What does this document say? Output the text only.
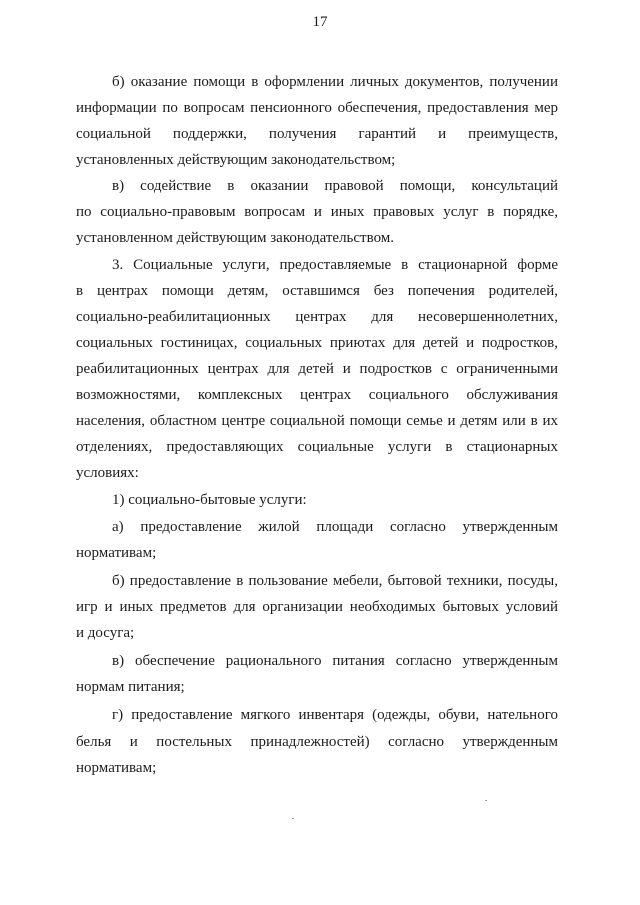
17
б) оказание помощи в оформлении личных документов, получении
информации по вопросам пенсионного обеспечения, предоставления мер
социальной поддержки, получения гарантий и преимуществ,
установленных действующим законодательством;
в) содействие в оказании правовой помощи, консультаций
по социально-правовым вопросам и иных правовых услуг в порядке,
установленном действующим законодательством.
3. Социальные услуги, предоставляемые в стационарной форме
в центрах помощи детям, оставшимся без попечения родителей,
социально-реабилитационных центрах для несовершеннолетних,
социальных гостиницах, социальных приютах для детей и подростков,
реабилитационных центрах для детей и подростков с ограниченными
возможностями, комплексных центрах социального обслуживания
населения, областном центре социальной помощи семье и детям или в их
отделениях, предоставляющих социальные услуги в стационарных
условиях:
1) социально-бытовые услуги:
а) предоставление жилой площади согласно утвержденным
нормативам;
б) предоставление в пользование мебели, бытовой техники, посуды,
игр и иных предметов для организации необходимых бытовых условий
и досуга;
в) обеспечение рационального питания согласно утвержденным
нормам питания;
г) предоставление мягкого инвентаря (одежды, обуви, нательного
белья и постельных принадлежностей) согласно утвержденным
нормативам;
